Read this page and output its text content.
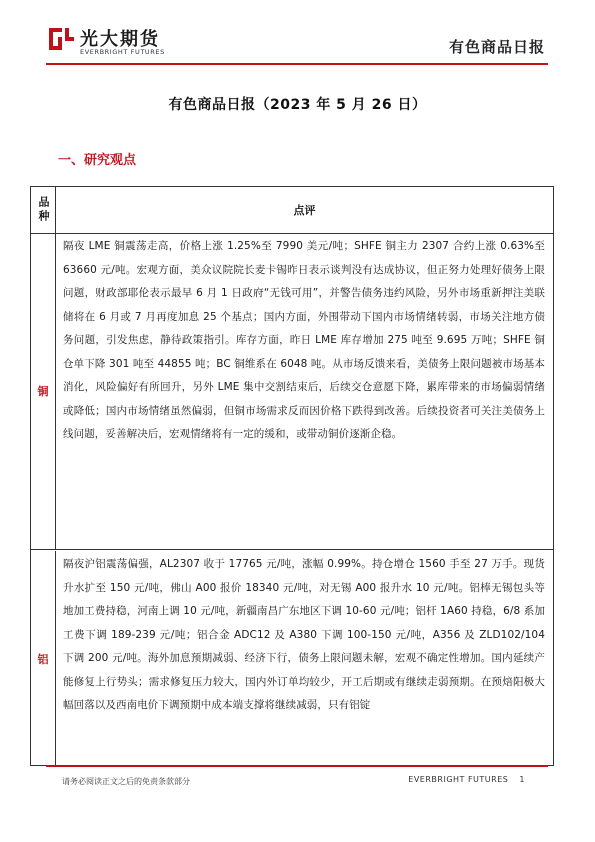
光大期货
EVERBRIGHT FUTURES	有色商品日报
有色商品日报（2023 年 5 月 26 日）
一、研究观点
品种	点评
铜
隔夜 LME 铜震荡走高，价格上涨 1.25%至 7990 美元/吨；SHFE 铜主力 2307 合约上涨 0.63%至 63660 元/吨。宏观方面，美众议院院长麦卡锡昨日表示谈判没有达成协议，但正努力处理好债务上限问题，财政部耶伦表示最早 6 月 1 日政府“无钱可用”，并警告债务违约风险，另外市场重新押注美联储将在 6 月或 7 月再度加息 25 个基点；国内方面，外围带动下国内市场情绪转弱，市场关注地方债务问题，引发焦虑，静待政策指引。库存方面，昨日 LME 库存增加 275 吨至 9.695 万吨；SHFE 铜仓单下降 301 吨至 44855 吨；BC 铜维系在 6048 吨。从市场反馈来看，美债务上限问题被市场基本消化，风险偏好有所回升，另外 LME 集中交割结束后，后续交仓意愿下降，累库带来的市场偏弱情绪或降低；国内市场情绪虽然偏弱，但铜市场需求反而因价格下跌得到改善。后续投资者可关注美债务上线问题，妥善解决后，宏观情绪将有一定的缓和，或带动铜价逐渐企稳。
铝
隔夜沪铝震荡偏强，AL2307 收于 17765 元/吨，涨幅 0.99%。持仓增仓 1560 手至 27 万手。现货升水扩至 150 元/吨，佛山 A00 报价 18340 元/吨，对无锡 A00 报升水 10 元/吨。铝棒无锡包头等地加工费持稳，河南上调 10 元/吨，新疆南昌广东地区下调 10-60 元/吨；铝杆 1A60 持稳，6/8 系加工费下调 189-239 元/吨；铝合金 ADC12 及 A380 下调 100-150 元/吨，A356 及 ZLD102/104 下调 200 元/吨。海外加息预期减弱、经济下行，债务上限问题未解，宏观不确定性增加。国内延续产能修复上行势头；需求修复压力较大，国内外订单均较少，开工后期或有继续走弱预期。在预焙阳极大幅回落以及西南电价下调预期中成本端支撑将继续减弱，只有铝锭
请务必阅读正文之后的免责条款部分	EVERBRIGHT FUTURES 1
